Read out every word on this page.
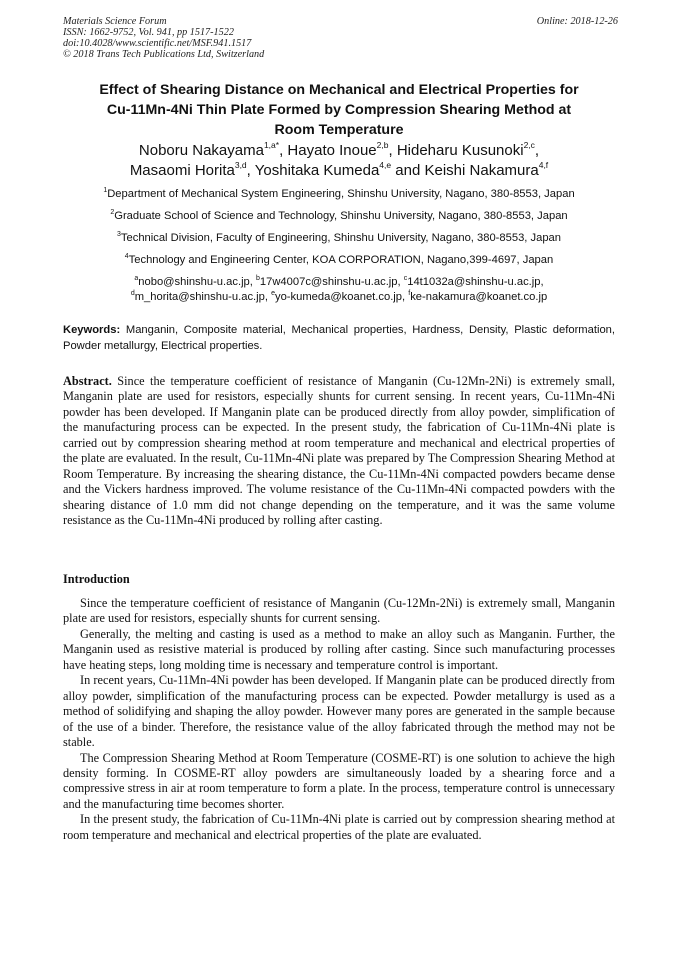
Materials Science Forum
ISSN: 1662-9752, Vol. 941, pp 1517-1522
doi:10.4028/www.scientific.net/MSF.941.1517
© 2018 Trans Tech Publications Ltd, Switzerland
Online: 2018-12-26
Effect of Shearing Distance on Mechanical and Electrical Properties for
Cu-11Mn-4Ni Thin Plate Formed by Compression Shearing Method at
Room Temperature
Noboru Nakayama$^{1,a*}$, Hayato Inoue$^{2,b}$, Hideharu Kusunoki$^{2,c}$,
Masaomi Horita$^{3,d}$, Yoshitaka Kumeda$^{4,e}$ and Keishi Nakamura$^{4,f}$
$^1$Department of Mechanical System Engineering, Shinshu University, Nagano, 380-8553, Japan
$^2$Graduate School of Science and Technology, Shinshu University, Nagano, 380-8553, Japan
$^3$Technical Division, Faculty of Engineering, Shinshu University, Nagano, 380-8553, Japan
$^4$Technology and Engineering Center, KOA CORPORATION, Nagano,399-4697, Japan
$^a$nobo@shinshu-u.ac.jp, $^b$17w4007c@shinshu-u.ac.jp, $^c$14t1032a@shinshu-u.ac.jp,
$^d$m_horita@shinshu-u.ac.jp, $^e$yo-kumeda@koanet.co.jp, $^f$ke-nakamura@koanet.co.jp
Keywords: Manganin, Composite material, Mechanical properties, Hardness, Density, Plastic deformation, Powder metallurgy, Electrical properties.
Abstract. Since the temperature coefficient of resistance of Manganin (Cu-12Mn-2Ni) is extremely small, Manganin plate are used for resistors, especially shunts for current sensing. In recent years, Cu-11Mn-4Ni powder has been developed. If Manganin plate can be produced directly from alloy powder, simplification of the manufacturing process can be expected. In the present study, the fabrication of Cu-11Mn-4Ni plate is carried out by compression shearing method at room temperature and mechanical and electrical properties of the plate are evaluated. In the result, Cu-11Mn-4Ni plate was prepared by The Compression Shearing Method at Room Temperature. By increasing the shearing distance, the Cu-11Mn-4Ni compacted powders became dense and the Vickers hardness improved. The volume resistance of the Cu-11Mn-4Ni compacted powders with the shearing distance of 1.0 mm did not change depending on the temperature, and it was the same volume resistance as the Cu-11Mn-4Ni produced by rolling after casting.
Introduction

Since the temperature coefficient of resistance of Manganin (Cu-12Mn-2Ni) is extremely small, Manganin plate are used for resistors, especially shunts for current sensing.

Generally, the melting and casting is used as a method to make an alloy such as Manganin. Further, the Manganin used as resistive material is produced by rolling after casting. Since such manufacturing processes have heating steps, long molding time is necessary and temperature control is important.

In recent years, Cu-11Mn-4Ni powder has been developed. If Manganin plate can be produced directly from alloy powder, simplification of the manufacturing process can be expected. Powder metallurgy is used as a method of solidifying and shaping the alloy powder. However many pores are generated in the sample because of the use of a binder. Therefore, the resistance value of the alloy fabricated through the method may not be stable.

The Compression Shearing Method at Room Temperature (COSME-RT) is one solution to achieve the high density forming. In COSME-RT alloy powders are simultaneously loaded by a shearing force and a compressive stress in air at room temperature to form a plate. In the process, temperature control is unnecessary and the manufacturing time becomes shorter.

In the present study, the fabrication of Cu-11Mn-4Ni plate is carried out by compression shearing method at room temperature and mechanical and electrical properties of the plate are evaluated.
